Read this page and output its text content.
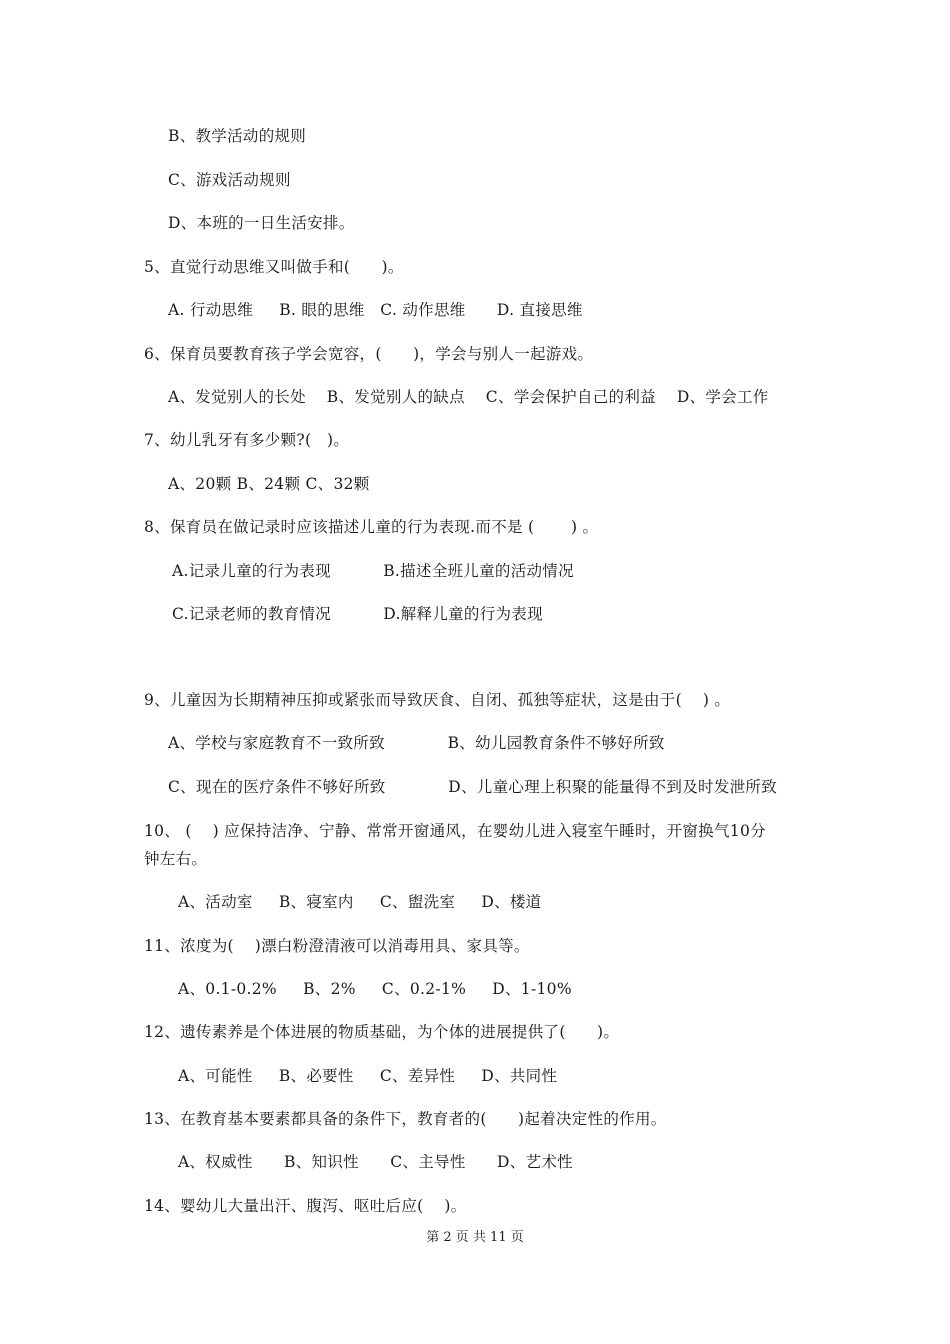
B、教学活动的规则
C、游戏活动规则
D、本班的一日生活安排。
5、直觉行动思维又叫做手和(      )。
A. 行动思维     B. 眼的思维   C. 动作思维      D. 直接思维
6、保育员要教育孩子学会宽容，(      )，学会与别人一起游戏。
A、发觉别人的长处    B、发觉别人的缺点    C、学会保护自己的利益    D、学会工作
7、幼儿乳牙有多少颗?(   )。
A、20颗 B、24颗 C、32颗
8、保育员在做记录时应该描述儿童的行为表现.而不是 (       ) 。
A.记录儿童的行为表现          B.描述全班儿童的活动情况
C.记录老师的教育情况          D.解释儿童的行为表现
9、儿童因为长期精神压抑或紧张而导致厌食、自闭、孤独等症状，这是由于(    ) 。
A、学校与家庭教育不一致所致            B、幼儿园教育条件不够好所致
C、现在的医疗条件不够好所致            D、儿童心理上积聚的能量得不到及时发泄所致
10、 (    ) 应保持洁净、宁静、常常开窗通风，在婴幼儿进入寝室午睡时，开窗换气10分
钟左右。
A、活动室     B、寝室内     C、盥洗室     D、楼道
11、浓度为(    )漂白粉澄清液可以消毒用具、家具等。
A、0.1-0.2%     B、2%     C、0.2-1%     D、1-10%
12、遗传素养是个体进展的物质基础，为个体的进展提供了(      )。
A、可能性     B、必要性     C、差异性     D、共同性
13、在教育基本要素都具备的条件下，教育者的(      )起着决定性的作用。
A、权威性      B、知识性      C、主导性      D、艺术性
14、婴幼儿大量出汗、腹泻、呕吐后应(    )。
第 2 页 共 11 页
